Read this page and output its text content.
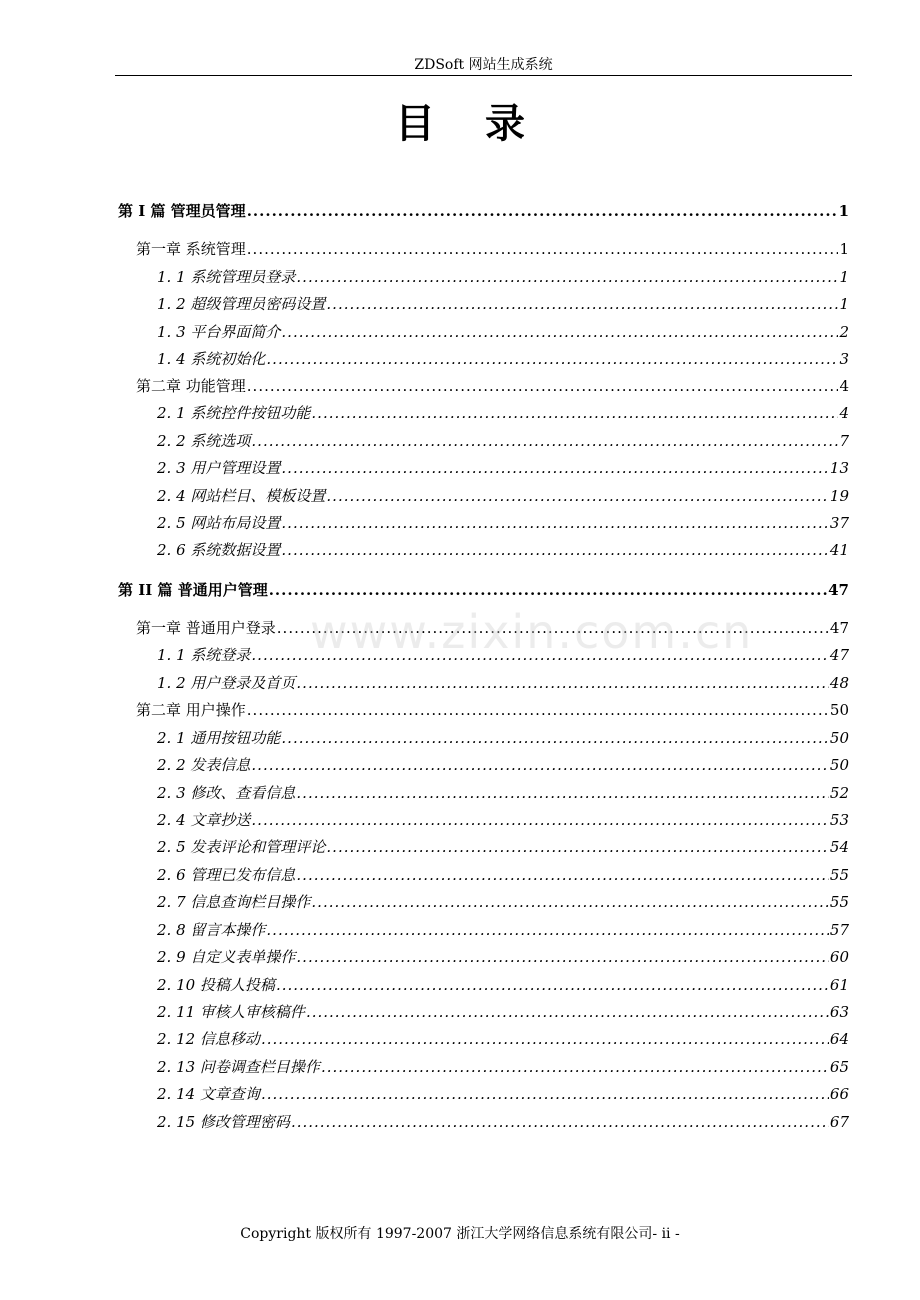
ZDSoft 网站生成系统
目 录
第 I 篇 管理员管理 .....	1
第一章 系统管理 .....	1
1. 1 系统管理员登录 .....	1
1. 2 超级管理员密码设置 .....	1
1. 3 平台界面简介 .....	2
1. 4 系统初始化 .....	3
第二章 功能管理 .....	4
2. 1 系统控件按钮功能 .....	4
2. 2 系统选项 .....	7
2. 3 用户管理设置 .....	13
2. 4 网站栏目、模板设置 .....	19
2. 5 网站布局设置 .....	37
2. 6 系统数据设置 .....	41
第 II 篇 普通用户管理 .....	47
第一章 普通用户登录 .....	47
1. 1 系统登录 .....	47
1. 2 用户登录及首页 .....	48
第二章 用户操作 .....	50
2. 1 通用按钮功能 .....	50
2. 2 发表信息 .....	50
2. 3 修改、查看信息 .....	52
2. 4 文章抄送 .....	53
2. 5 发表评论和管理评论 .....	54
2. 6 管理已发布信息 .....	55
2. 7 信息查询栏目操作 .....	55
2. 8 留言本操作 .....	57
2. 9 自定义表单操作 .....	60
2. 10 投稿人投稿 .....	61
2. 11 审核人审核稿件 .....	63
2. 12 信息移动 .....	64
2. 13 问卷调查栏目操作 .....	65
2. 14 文章查询 .....	66
2. 15 修改管理密码 .....	67
www.zixin.com.cn
Copyright 版权所有 1997-2007 浙江大学网络信息系统有限公司- ii -
